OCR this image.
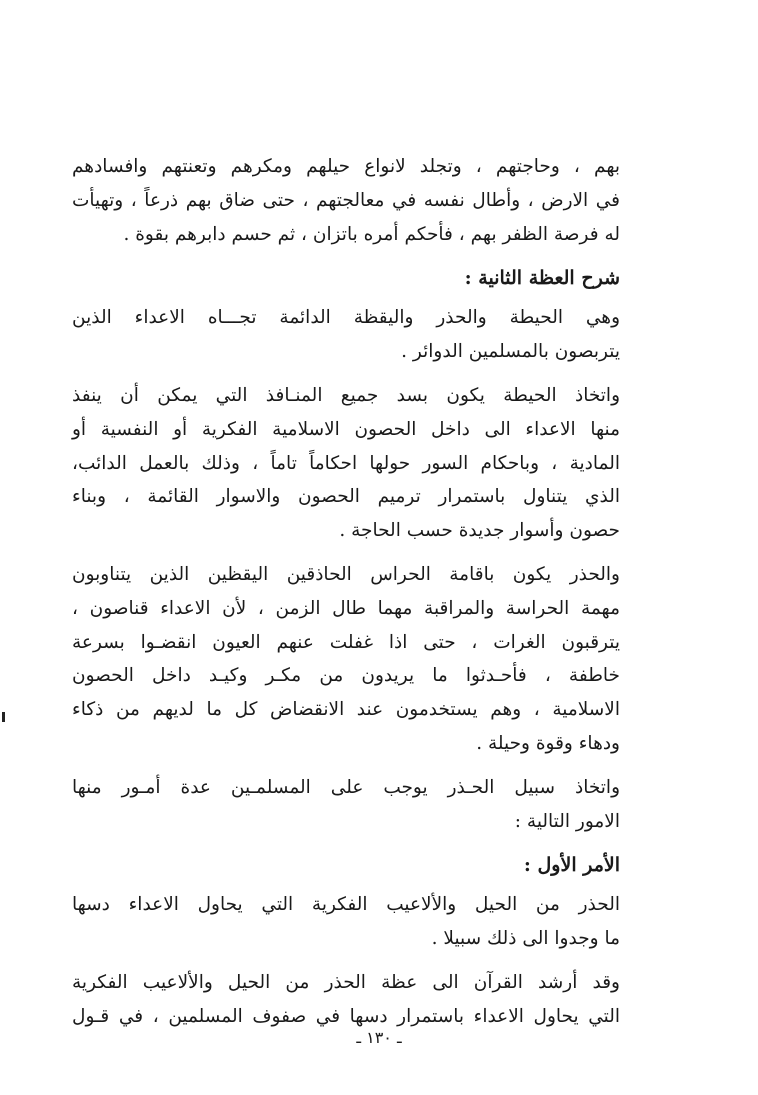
بهم ، وحاجتهم ، وتجلد لانواع حيلهم ومكرهم وتعنتهم وافسادهم
في الارض ، وأطال نفسه في معالجتهم ، حتى ضاق بهم ذرعاً ، وتهيأت
له فرصة الظفر بهم ، فأحكم أمره باتزان ، ثم حسم دابرهم بقوة .
شرح العظة الثانية :
وهي الحيطة والحذر واليقظة الدائمة تجـــاه الاعداء الذين
يتربصون بالمسلمين الدوائر .
واتخاذ الحيطة يكون بسد جميع المنـافذ التي يمكن أن ينفذ
منها الاعداء الى داخل الحصون الاسلامية الفكرية أو النفسية أو
المادية ، وباحكام السور حولها احكاماً تاماً ، وذلك بالعمل الدائب،
الذي يتناول باستمرار ترميم الحصون والاسوار القائمة ، وبناء
حصون وأسوار جديدة حسب الحاجة .
والحذر يكون باقامة الحراس الحاذقين اليقظين الذين يتناوبون
مهمة الحراسة والمراقبة مهما طال الزمن ، لأن الاعداء قناصون ،
يترقبون الغرات ، حتى اذا غفلت عنهم العيون انقضـوا بسرعة
خاطفة ، فأحـدثوا ما يريدون من مكـر وكيـد داخل الحصون
الاسلامية ، وهم يستخدمون عند الانقضاض كل ما لديهم من ذكاء
ودهاء وقوة وحيلة .
واتخاذ سبيل الحـذر يوجب على المسلمـين عدة أمـور منها
الامور التالية :
الأمر الأول :
الحذر من الحيل والألاعيب الفكرية التي يحاول الاعداء دسها
ما وجدوا الى ذلك سبيلا .
وقد أرشد القرآن الى عظة الحذر من الحيل والألاعيب الفكرية
التي يحاول الاعداء باستمرار دسها في صفوف المسلمين ، في قـول
ـ ١٣٠ ـ
